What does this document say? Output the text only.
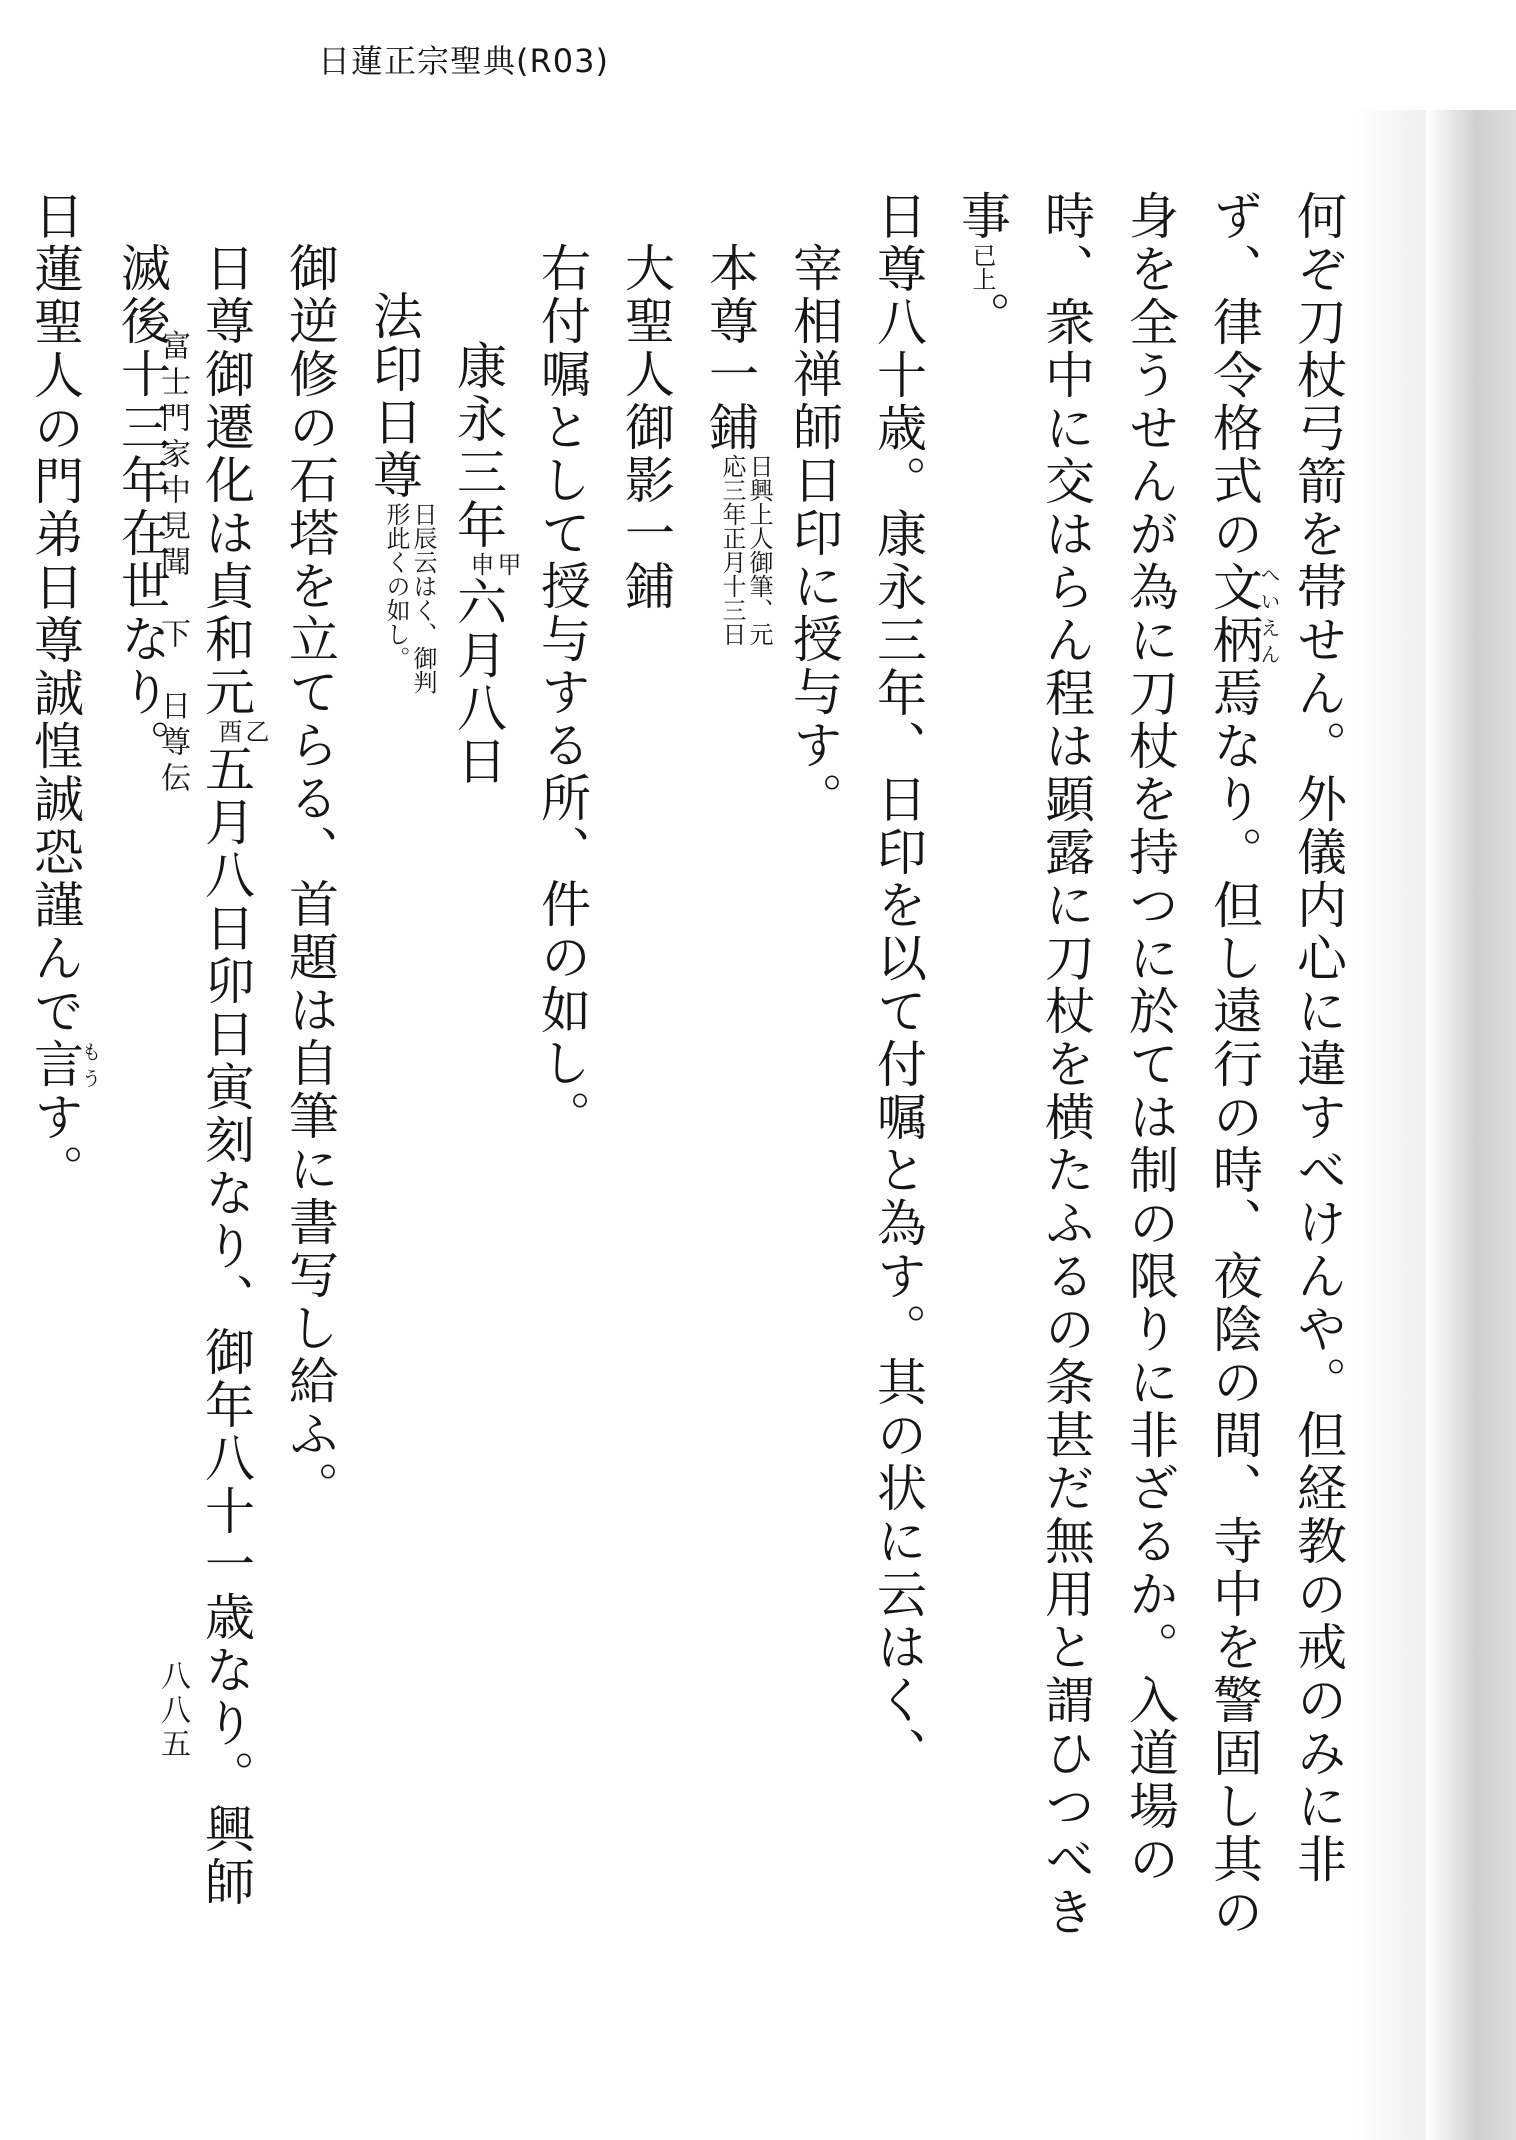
日蓮正宗聖典(R03)

何ぞ刀杖弓箭を帯せん。外儀内心に違すべけんや。但経教の戒のみに非ず、律令格式の文柄へいえん焉なり。但し遠行の時、夜陰の間、寺中を警固し其の身を全うせんが為に刀杖を持つに於ては制の限りに非ざるか。入道場の時、衆中に交はらん程は顕露に刀杖を横たふるの条甚だ無用と謂ひつべき事已上。

日尊八十歳。康永三年、日印を以て付嘱と為す。其の状に云はく、

宰相禅師日印に授与す。

本尊一鋪日興上人御筆、元
応三年正月十三日

大聖人御影一鋪

右付嘱として授与する所、件の如し。

康永三年甲
申六月八日

法印日尊日辰云はく、御判
形此くの如し。

御逆修の石塔を立てらる、首題は自筆に書写し給ふ。

日尊御遷化は貞和元乙
酉五月八日卯日寅刻なり、御年八十一歳なり。興師滅後十三年在世なり。

日蓮聖人の門弟日尊誠惶誠恐謹んで言もうす。

富士門家中見聞　下　日尊伝
八八五
